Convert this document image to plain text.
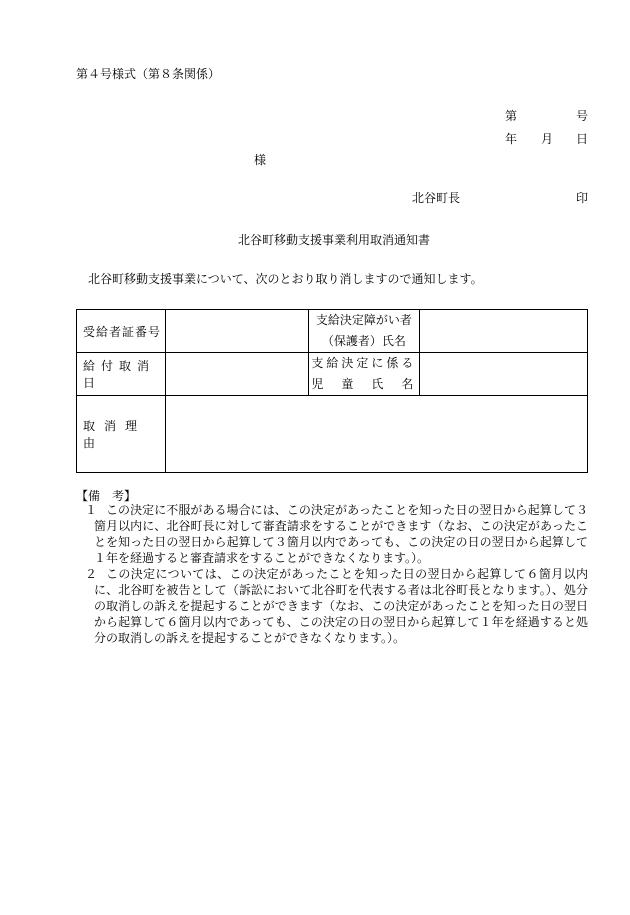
第４号様式（第８条関係）
第	号
年 月 日
様
北谷町長	印
北谷町移動支援事業利用取消通知書
北谷町移動支援事業について、次のとおり取り消しますので通知します。
受給者証番号		支給決定障がい者
（保護者）氏名	

給付取消日		支給決定に係る
児　童　氏　名	

取消理由			
【備　考】
１ この決定に不服がある場合には、この決定があったことを知った日の翌日から起算して３箇月以内に、北谷町長に対して審査請求をすることができます（なお、この決定があったことを知った日の翌日から起算して３箇月以内であっても、この決定の日の翌日から起算して１年を経過すると審査請求をすることができなくなります。）。
２ この決定については、この決定があったことを知った日の翌日から起算して６箇月以内に、北谷町を被告として（訴訟において北谷町を代表する者は北谷町長となります。）、処分の取消しの訴えを提起することができます（なお、この決定があったことを知った日の翌日から起算して６箇月以内であっても、この決定の日の翌日から起算して１年を経過すると処分の取消しの訴えを提起することができなくなります。）。
